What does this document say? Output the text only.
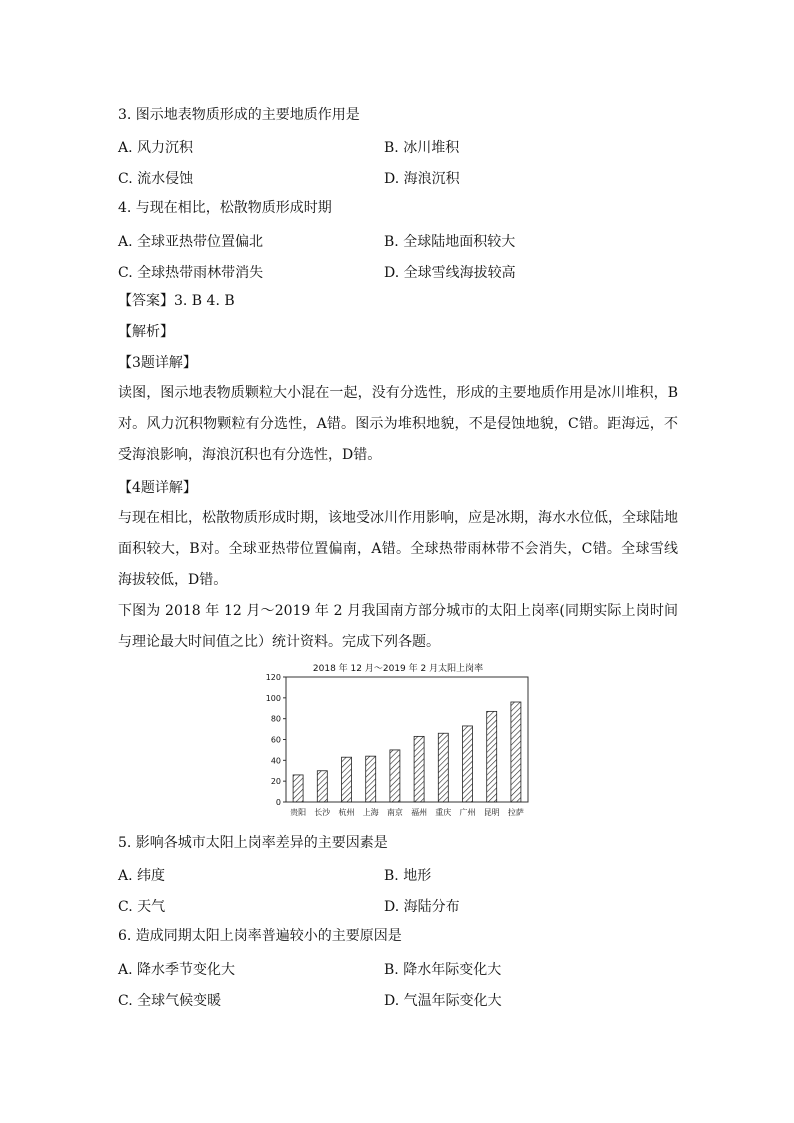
3. 图示地表物质形成的主要地质作用是
A. 风力沉积	B. 冰川堆积
C. 流水侵蚀	D. 海浪沉积
4. 与现在相比，松散物质形成时期
A. 全球亚热带位置偏北	B. 全球陆地面积较大
C. 全球热带雨林带消失	D. 全球雪线海拔较高
【答案】3. B 4. B
【解析】
【3题详解】
读图，图示地表物质颗粒大小混在一起，没有分选性，形成的主要地质作用是冰川堆积，B对。风力沉积物颗粒有分选性，A错。图示为堆积地貌，不是侵蚀地貌，C错。距海远，不受海浪影响，海浪沉积也有分选性，D错。
【4题详解】
与现在相比，松散物质形成时期，该地受冰川作用影响，应是冰期，海水水位低，全球陆地面积较大，B对。全球亚热带位置偏南，A错。全球热带雨林带不会消失，C错。全球雪线海拔较低，D错。
下图为 2018 年 12 月～2019 年 2 月我国南方部分城市的太阳上岗率(同期实际上岗时间与理论最大时间值之比）统计资料。完成下列各题。
2018 年 12 月～2019 年 2 月太阳上岗率
0
20
40
60
80
100
120
贵阳 长沙 杭州 上海 南京 福州 重庆 广州 昆明 拉萨
5. 影响各城市太阳上岗率差异的主要因素是
A. 纬度	B. 地形
C. 天气	D. 海陆分布
6. 造成同期太阳上岗率普遍较小的主要原因是
A. 降水季节变化大	B. 降水年际变化大
C. 全球气候变暖	D. 气温年际变化大
